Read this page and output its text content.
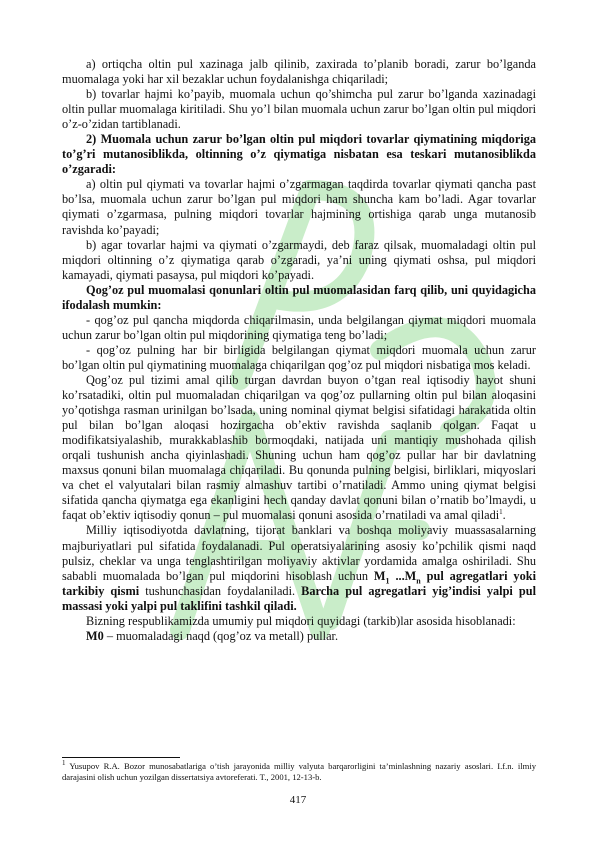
a) ortiqcha oltin pul xazinaga jalb qilinib, zaxirada to’planib boradi, zarur bo’lganda muomalaga yoki har xil bezaklar uchun foydalanishga chiqariladi;

b) tovarlar hajmi ko’payib, muomala uchun qo’shimcha pul zarur bo’lganda xazinadagi oltin pullar muomalaga kiritiladi. Shu yo’l bilan muomala uchun zarur bo’lgan oltin pul miqdori o’z-o’zidan tartiblanadi.

2) Muomala uchun zarur bo’lgan oltin pul miqdori tovarlar qiymatining miqdoriga to’g’ri mutanosiblikda, oltinning o’z qiymatiga nisbatan esa teskari mutanosiblikda o’zgaradi:

a) oltin pul qiymati va tovarlar hajmi o’zgarmagan taqdirda tovarlar qiymati qancha past bo’lsa, muomala uchun zarur bo’lgan pul miqdori ham shuncha kam bo’ladi. Agar tovarlar qiymati o’zgarmasa, pulning miqdori tovarlar hajmining ortishiga qarab unga mutanosib ravishda ko’payadi;

b) agar tovarlar hajmi va qiymati o’zgarmaydi, deb faraz qilsak, muomaladagi oltin pul miqdori oltinning o’z qiymatiga qarab o’zgaradi, ya’ni uning qiymati oshsa, pul miqdori kamayadi, qiymati pasaysa, pul miqdori ko’payadi.

Qog’oz pul muomalasi qonunlari oltin pul muomalasidan farq qilib, uni quyidagicha ifodalash mumkin:

- qog’oz pul qancha miqdorda chiqarilmasin, unda belgilangan qiymat miqdori muomala uchun zarur bo’lgan oltin pul miqdorining qiymatiga teng bo’ladi;

- qog’oz pulning har bir birligida belgilangan qiymat miqdori muomala uchun zarur bo’lgan oltin pul qiymatining muomalaga chiqarilgan qog’oz pul miqdori nisbatiga mos keladi.

Qog’oz pul tizimi amal qilib turgan davrdan buyon o’tgan real iqtisodiy hayot shuni ko’rsatadiki, oltin pul muomaladan chiqarilgan va qog’oz pullarning oltin pul bilan aloqasini yo’qotishga rasman urinilgan bo’lsada, uning nominal qiymat belgisi sifatidagi harakatida oltin pul bilan bo’lgan aloqasi hozirgacha ob’ektiv ravishda saqlanib qolgan. Faqat u modifikatsiyalashib, murakkablashib bormoqdaki, natijada uni mantiqiy mushohada qilish orqali tushunish ancha qiyinlashadi. Shuning uchun ham qog’oz pullar har bir davlatning maxsus qonuni bilan muomalaga chiqariladi. Bu qonunda pulning belgisi, birliklari, miqyoslari va chet el valyutalari bilan rasmiy almashuv tartibi o’rnatiladi. Ammo uning qiymat belgisi sifatida qancha qiymatga ega ekanligini hech qanday davlat qonuni bilan o’rnatib bo’lmaydi, u faqat ob’ektiv iqtisodiy qonun – pul muomalasi qonuni asosida o’rnatiladi va amal qiladi$^1$.

Milliy iqtisodiyotda davlatning, tijorat banklari va boshqa moliyaviy muassasalarning majburiyatlari pul sifatida foydalanadi. Pul operatsiyalarining asosiy ko’pchilik qismi naqd pulsiz, cheklar va unga tenglashtirilgan moliyaviy aktivlar yordamida amalga oshiriladi. Shu sababli muomalada bo’lgan pul miqdorini hisoblash uchun $M_1$ $...M_n$ pul agregatlari yoki tarkibiy qismi tushunchasidan foydalaniladi. Barcha pul agregatlari yig’indisi yalpi pul massasi yoki yalpi pul taklifini tashkil qiladi.

Bizning respublikamizda umumiy pul miqdori quyidagi (tarkib)lar asosida hisoblanadi:

M0 – muomaladagi naqd (qog’oz va metall) pullar.

$^1$ Yusupov R.A. Bozor munosabatlariga o’tish jarayonida milliy valyuta barqarorligini ta’minlashning nazariy asoslari. I.f.n. ilmiy darajasini olish uchun yozilgan dissertatsiya avtoreferati. T., 2001, 12-13-b.
417
